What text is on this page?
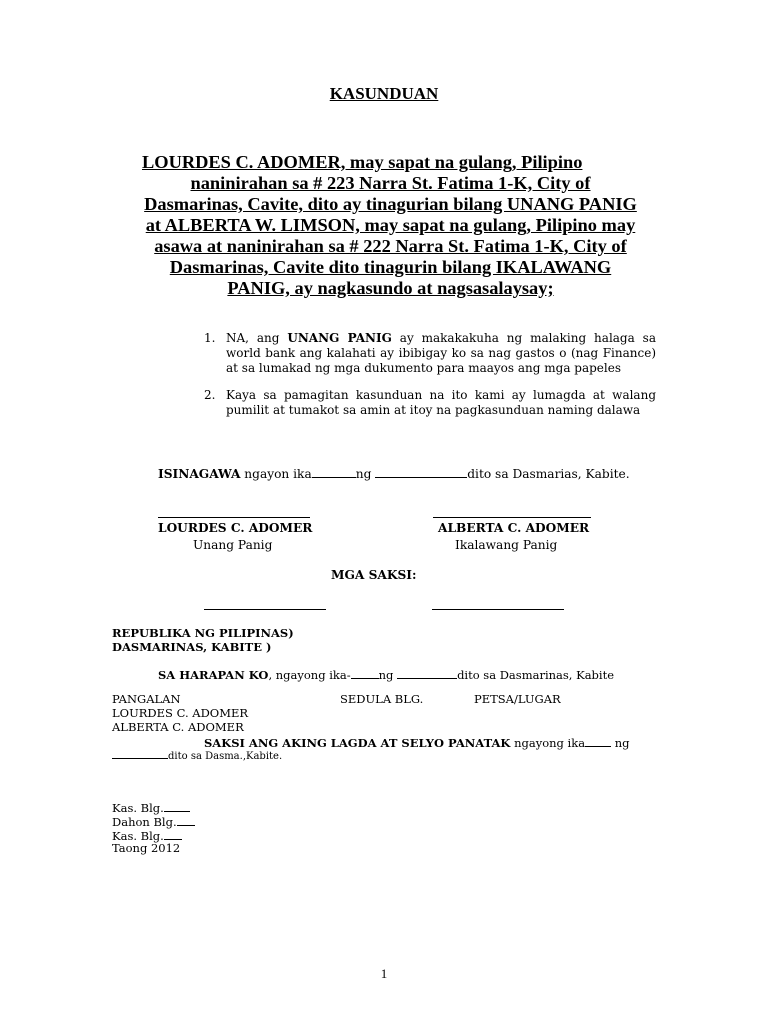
KASUNDUAN
LOURDES C. ADOMER, may sapat na gulang, Pilipino
naninirahan sa # 223 Narra St. Fatima 1-K, City of Dasmarinas, Cavite, dito ay tinagurian bilang UNANG PANIG at ALBERTA W. LIMSON, may sapat na gulang, Pilipino may asawa at naninirahan sa # 222 Narra St. Fatima 1-K, City of Dasmarinas, Cavite dito tinagurin bilang IKALAWANG PANIG, ay nagkasundo at nagsasalaysay;
1. NA, ang UNANG PANIG ay makakakuha ng malaking halaga sa world bank ang kalahati ay ibibigay ko sa nag gastos o (nag Finance) at sa lumakad ng mga dukumento para maayos ang mga papeles
2. Kaya sa pamagitan kasunduan na ito kami ay lumagda at walang pumilit at tumakot sa amin at itoy na pagkasunduan naming dalawa
ISINAGAWA ngayon ika	ng	dito sa Dasmarias, Kabite.
LOURDES C. ADOMER
Unang Panig
ALBERTA C. ADOMER
Ikalawang Panig
MGA SAKSI:
REPUBLIKA NG PILIPINAS)
DASMARINAS, KABITE )
SA HARAPAN KO, ngayong ika- ng	dito sa Dasmarinas, Kabite
PANGALAN	SEDULA BLG.	PETSA/LUGAR
LOURDES C. ADOMER
ALBERTA C. ADOMER
SAKSI ANG AKING LAGDA AT SELYO PANATAK ngayong ika ng
dito sa Dasma.,Kabite.
Kas. Blg.
Dahon Blg.
Kas. Blg.
Taong 2012
1
